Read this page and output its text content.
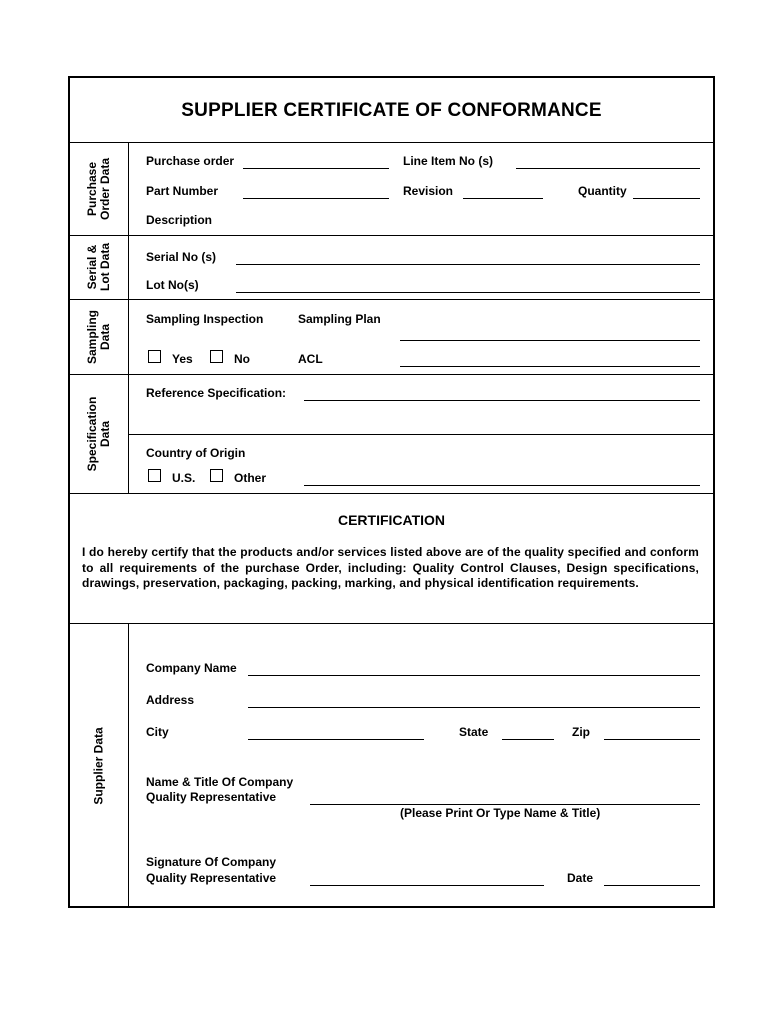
SUPPLIER CERTIFICATE OF CONFORMANCE
Purchase Order Data
Serial & Lot Data
Sampling Data
Specification Data
Supplier Data
Purchase order	Line Item No (s)
Part Number	Revision	Quantity
Description
Serial No (s)
Lot No(s)
Sampling Inspection	Sampling Plan
Yes	No	ACL
Reference Specification:
Country of Origin
U.S.	Other
CERTIFICATION
I do hereby certify that the products and/or services listed above are of the quality specified and conform to all requirements of the purchase Order, including: Quality Control Clauses, Design specifications, drawings, preservation, packaging, packing, marking, and physical identification requirements.
Company Name
Address
City	State	Zip
Name & Title Of Company
Quality Representative
(Please Print Or Type Name & Title)
Signature Of Company
Quality Representative	Date
